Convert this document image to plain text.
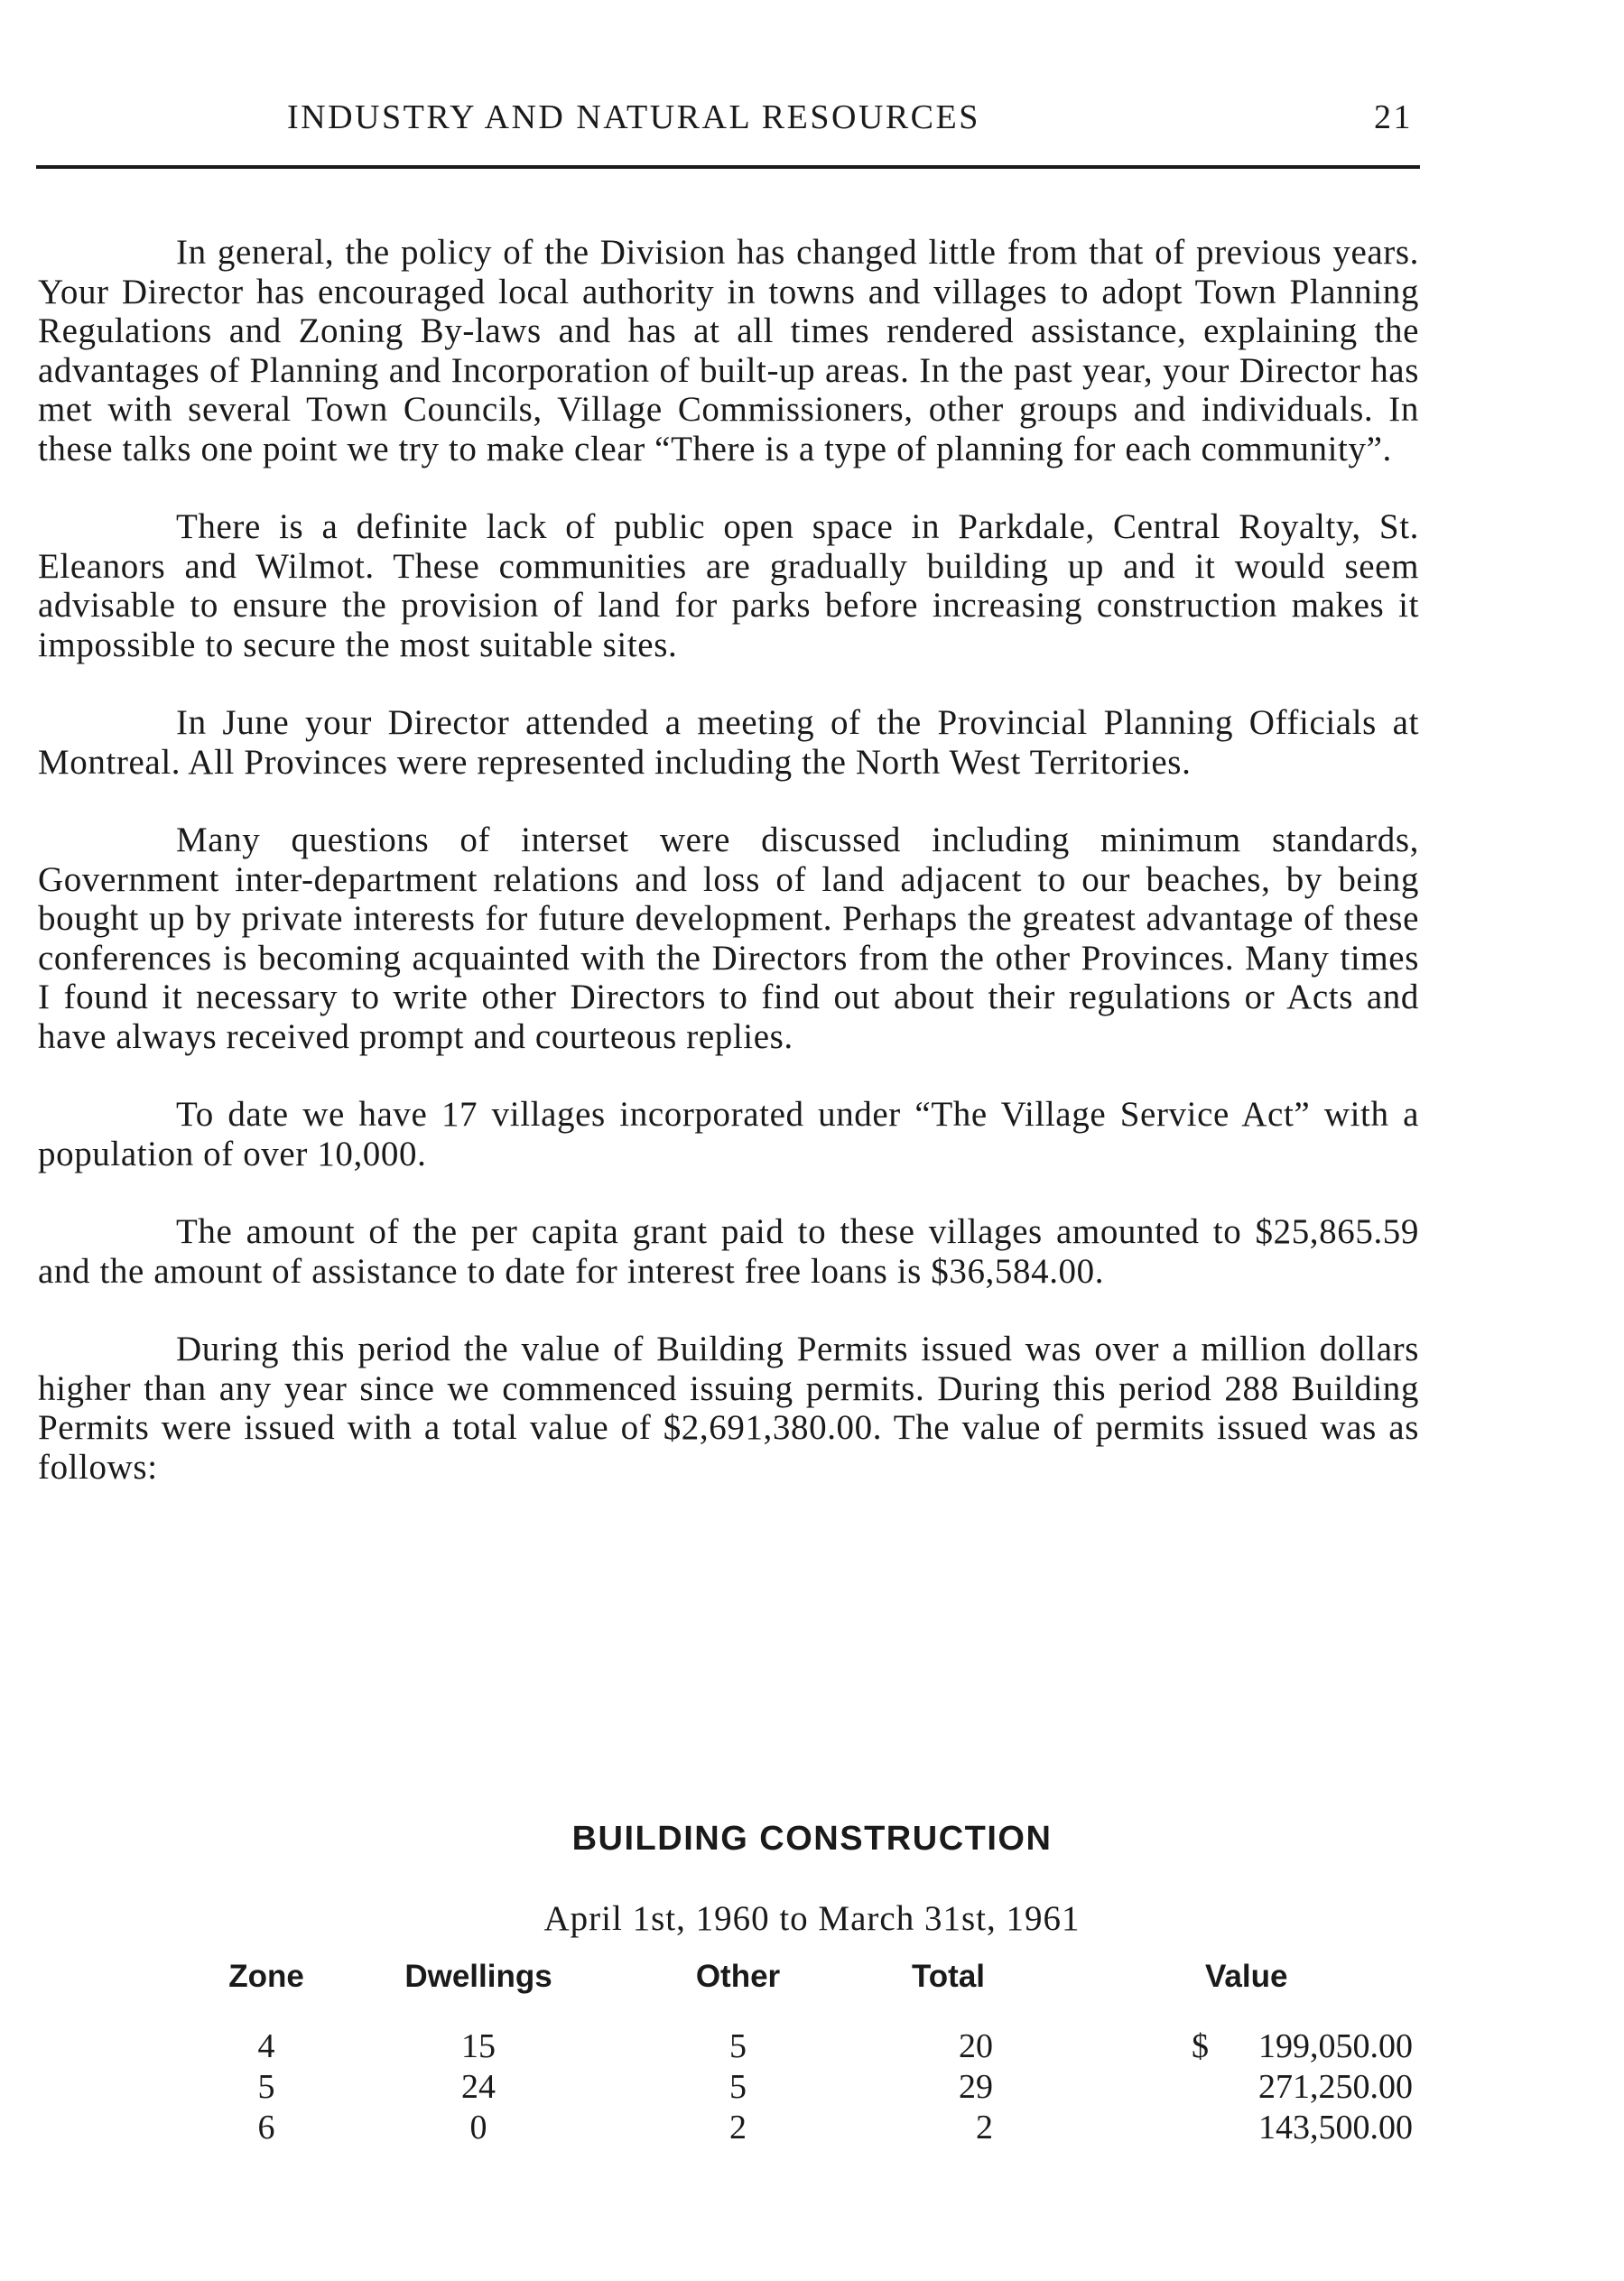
INDUSTRY AND NATURAL RESOURCES	21

In general, the policy of the Division has changed little from that of previous years. Your Director has encouraged local authority in towns and villages to adopt Town Planning Regulations and Zoning By-laws and has at all times rendered assistance, explaining the advantages of Planning and Incorporation of built-up areas. In the past year, your Director has met with several Town Councils, Village Commissioners, other groups and individuals. In these talks one point we try to make clear “There is a type of planning for each community”.

There is a definite lack of public open space in Parkdale, Central Royalty, St. Eleanors and Wilmot. These communities are gradually building up and it would seem advisable to ensure the provision of land for parks before increasing construction makes it impossible to secure the most suitable sites.

In June your Director attended a meeting of the Provincial Planning Officials at Montreal. All Provinces were represented including the North West Territories.

Many questions of interset were discussed including minimum standards, Government inter-department relations and loss of land adjacent to our beaches, by being bought up by private interests for future development. Perhaps the greatest advantage of these conferences is becoming acquainted with the Directors from the other Provinces. Many times I found it necessary to write other Directors to find out about their regulations or Acts and have always received prompt and courteous replies.

To date we have 17 villages incorporated under “The Village Service Act” with a population of over 10,000.

The amount of the per capita grant paid to these villages amounted to $25,865.59 and the amount of assistance to date for interest free loans is $36,584.00.

During this period the value of Building Permits issued was over a million dollars higher than any year since we commenced issuing permits. During this period 288 Building Permits were issued with a total value of $2,691,380.00. The value of permits issued was as follows:

BUILDING CONSTRUCTION
April 1st, 1960 to March 31st, 1961
Zone	Dwellings	Other	Total	Value
4	15	5	20	$	199,050.00
5	24	5	29	271,250.00
6	0	2	2	143,500.00
